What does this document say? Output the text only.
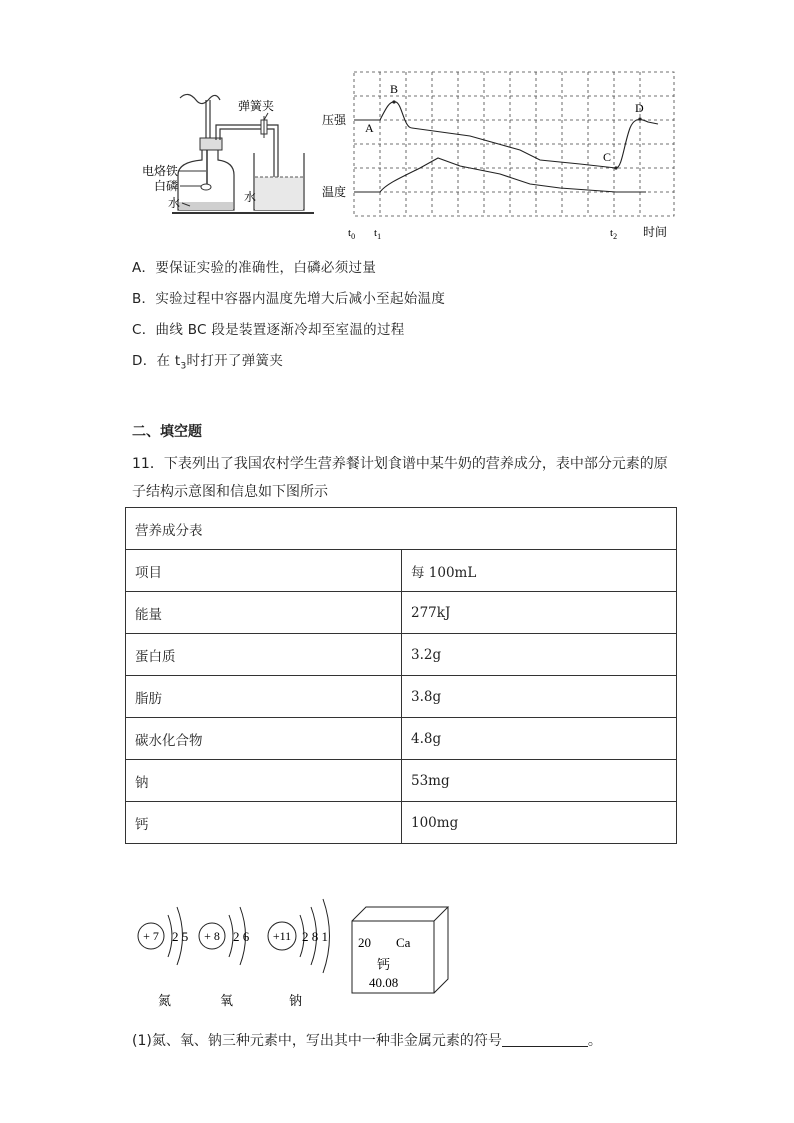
弹簧夹
电烙铁
白磷
水	水
压强
温度
A
B
C
D
$t_0$ $t_1$	$t_2$ 时间
A．要保证实验的准确性，白磷必须过量
B．实验过程中容器内温度先增大后减小至起始温度
C．曲线 BC 段是装置逐渐冷却至室温的过程
D．在 $t_3$时打开了弹簧夹
二、填空题
11．下表列出了我国农村学生营养餐计划食谱中某牛奶的营养成分，表中部分元素的原
子结构示意图和信息如下图所示
营养成分表	
项目	每 100mL
能量	277kJ
蛋白质	3.2g
脂肪	3.8g
碳水化合物	4.8g
钠	53mg
钙	100mg
+ 7 2 5
氮
+ 8 2 6
氧
+11 2 8 1
钠
20 Ca
钙
40.08
(1)氮、氧、钠三种元素中，写出其中一种非金属元素的符号	。
